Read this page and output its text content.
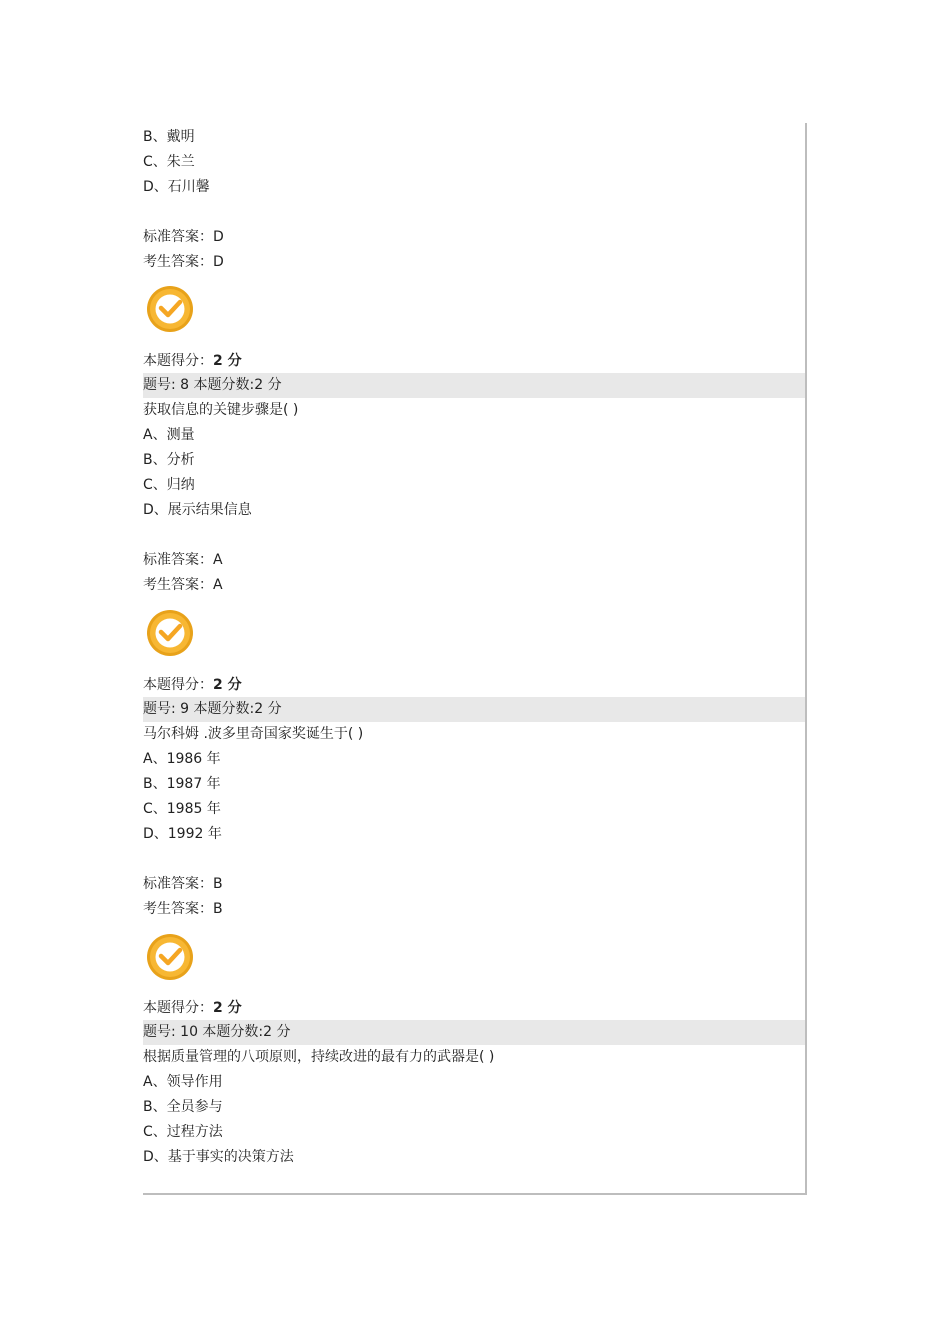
B、戴明
C、朱兰
D、石川馨
标准答案：D
考生答案：D
本题得分：2 分
题号: 8 本题分数:2 分
获取信息的关键步骤是( )
A、测量
B、分析
C、归纳
D、展示结果信息
标准答案：A
考生答案：A
本题得分：2 分
题号: 9 本题分数:2 分
马尔科姆 .波多里奇国家奖诞生于( )
A、1986 年
B、1987 年
C、1985 年
D、1992 年
标准答案：B
考生答案：B
本题得分：2 分
题号: 10 本题分数:2 分
根据质量管理的八项原则，持续改进的最有力的武器是( )
A、领导作用
B、全员参与
C、过程方法
D、基于事实的决策方法
